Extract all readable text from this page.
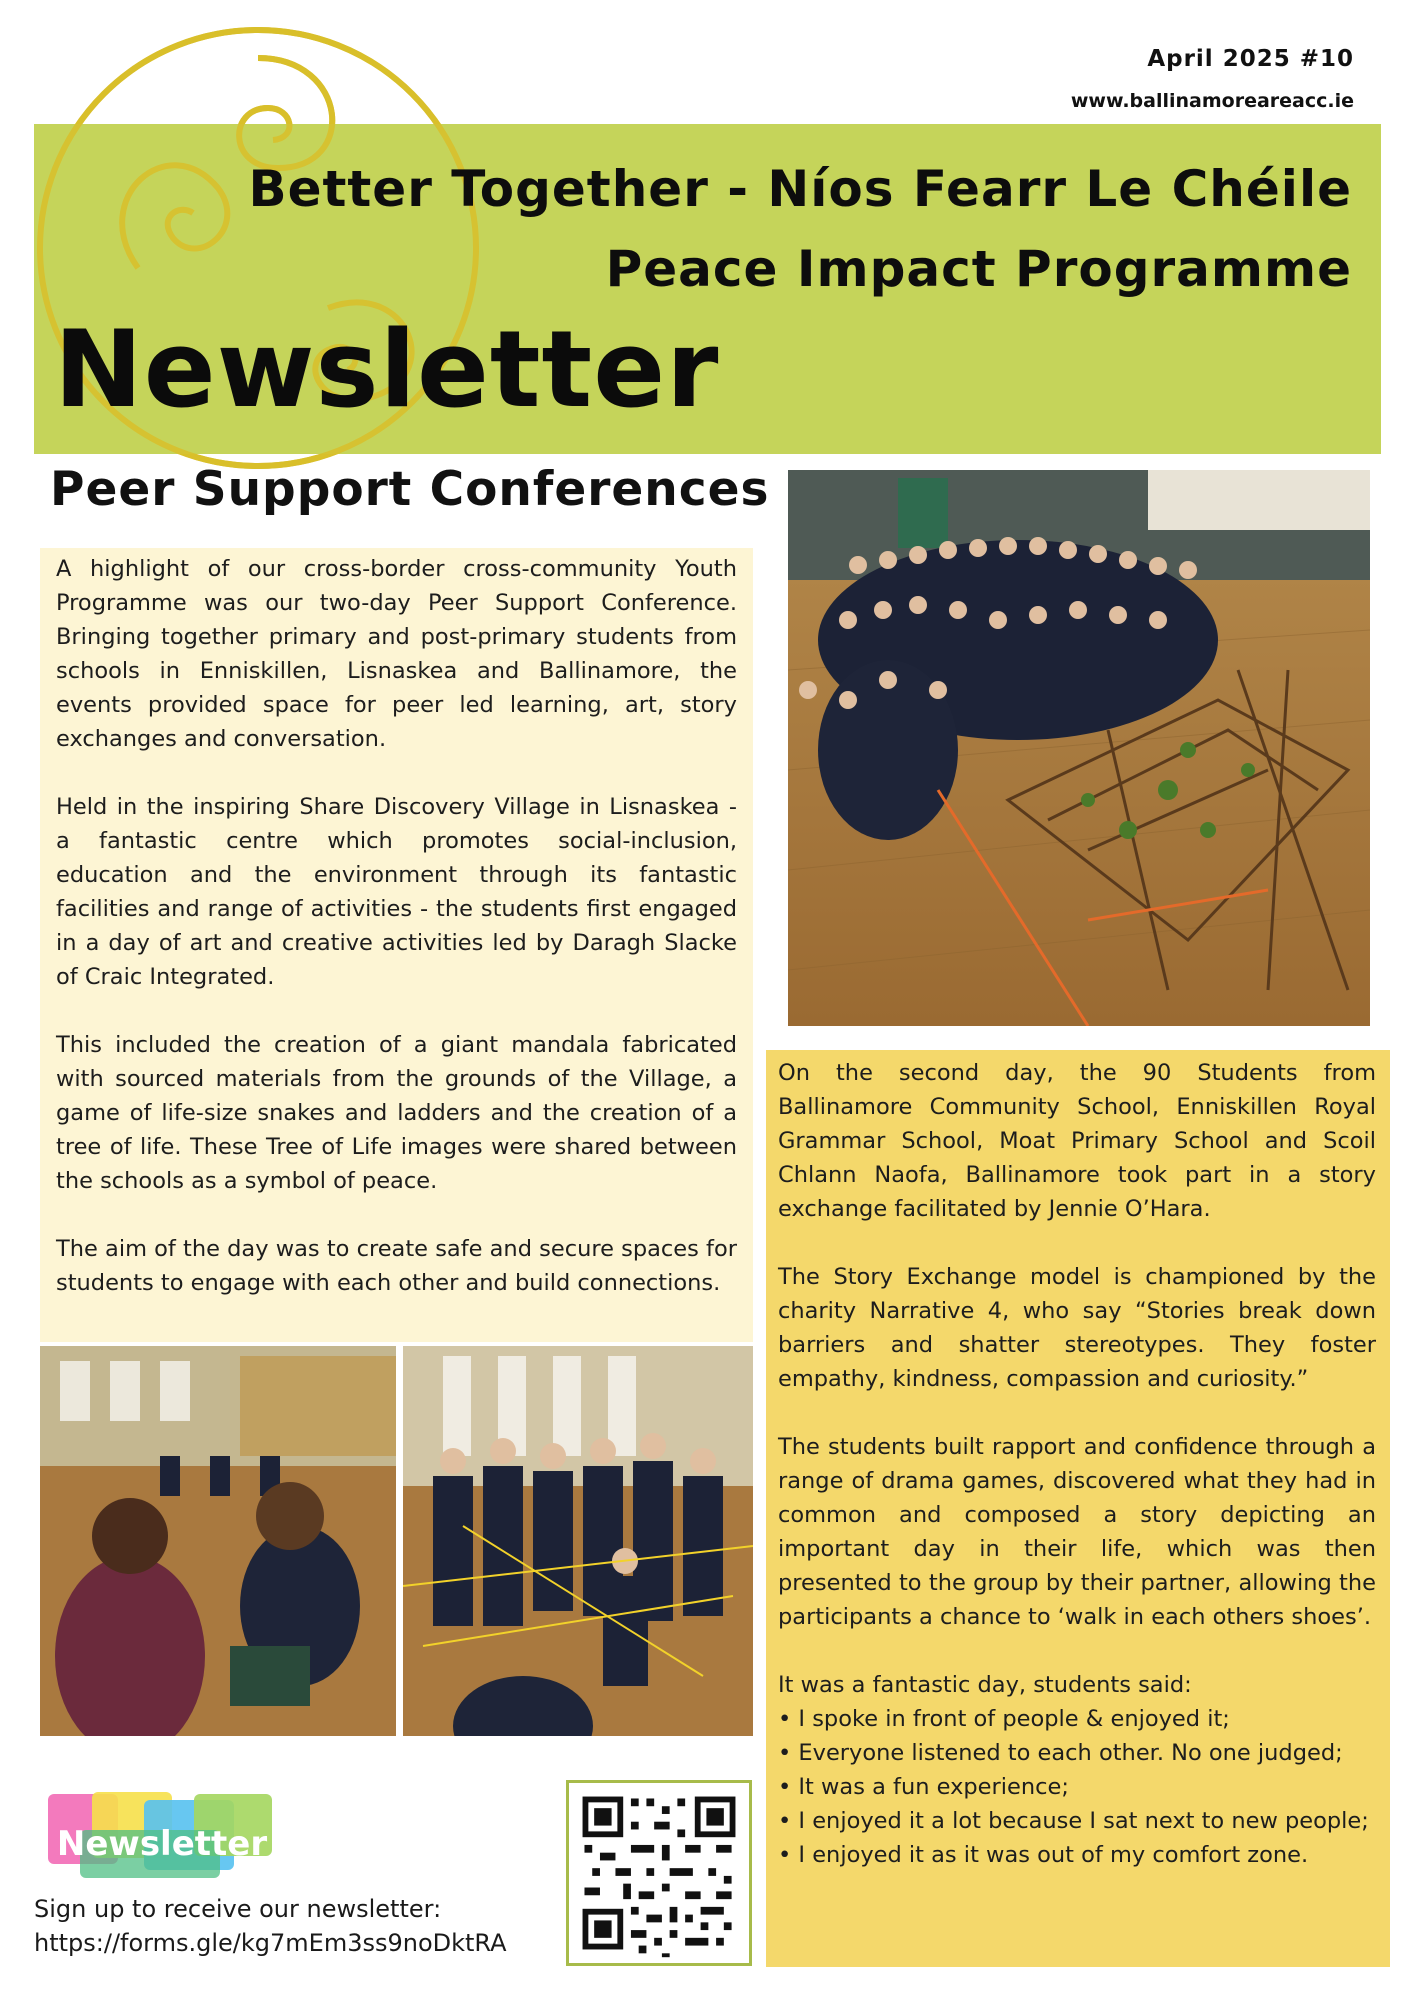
April 2025 #10
www.ballinamoreareacc.ie
Better Together - Níos Fearr Le Chéile
Peace Impact Programme
Newsletter
Peer Support Conferences

A highlight of our cross-border cross-community Youth Programme was our two-day Peer Support Conference. Bringing together primary and post-primary students from schools in Enniskillen, Lisnaskea and Ballinamore, the events provided space for peer led learning, art, story exchanges and conversation.

Held in the inspiring Share Discovery Village in Lisnaskea - a fantastic centre which promotes social-inclusion, education and the environment through its fantastic facilities and range of activities - the students first engaged in a day of art and creative activities led by Daragh Slacke of Craic Integrated.

This included the creation of a giant mandala fabricated with sourced materials from the grounds of the Village, a game of life-size snakes and ladders and the creation of a tree of life. These Tree of Life images were shared between the schools as a symbol of peace.

The aim of the day was to create safe and secure spaces for students to engage with each other and build connections.

On the second day, the 90 Students from Ballinamore Community School, Enniskillen Royal Grammar School, Moat Primary School and Scoil Chlann Naofa, Ballinamore took part in a story exchange facilitated by Jennie O’Hara.

The Story Exchange model is championed by the charity Narrative 4, who say “Stories break down barriers and shatter stereotypes. They foster empathy, kindness, compassion and curiosity.”

The students built rapport and confidence through a range of drama games, discovered what they had in common and composed a story depicting an important day in their life, which was then presented to the group by their partner, allowing the participants a chance to ‘walk in each others shoes’.

It was a fantastic day, students said:

• I spoke in front of people & enjoyed it;
• Everyone listened to each other. No one judged;
• It was a fun experience;
• I enjoyed it a lot because I sat next to new people;
• I enjoyed it as it was out of my comfort zone.
Newsletter
Sign up to receive our newsletter:
https://forms.gle/kg7mEm3ss9noDktRA
